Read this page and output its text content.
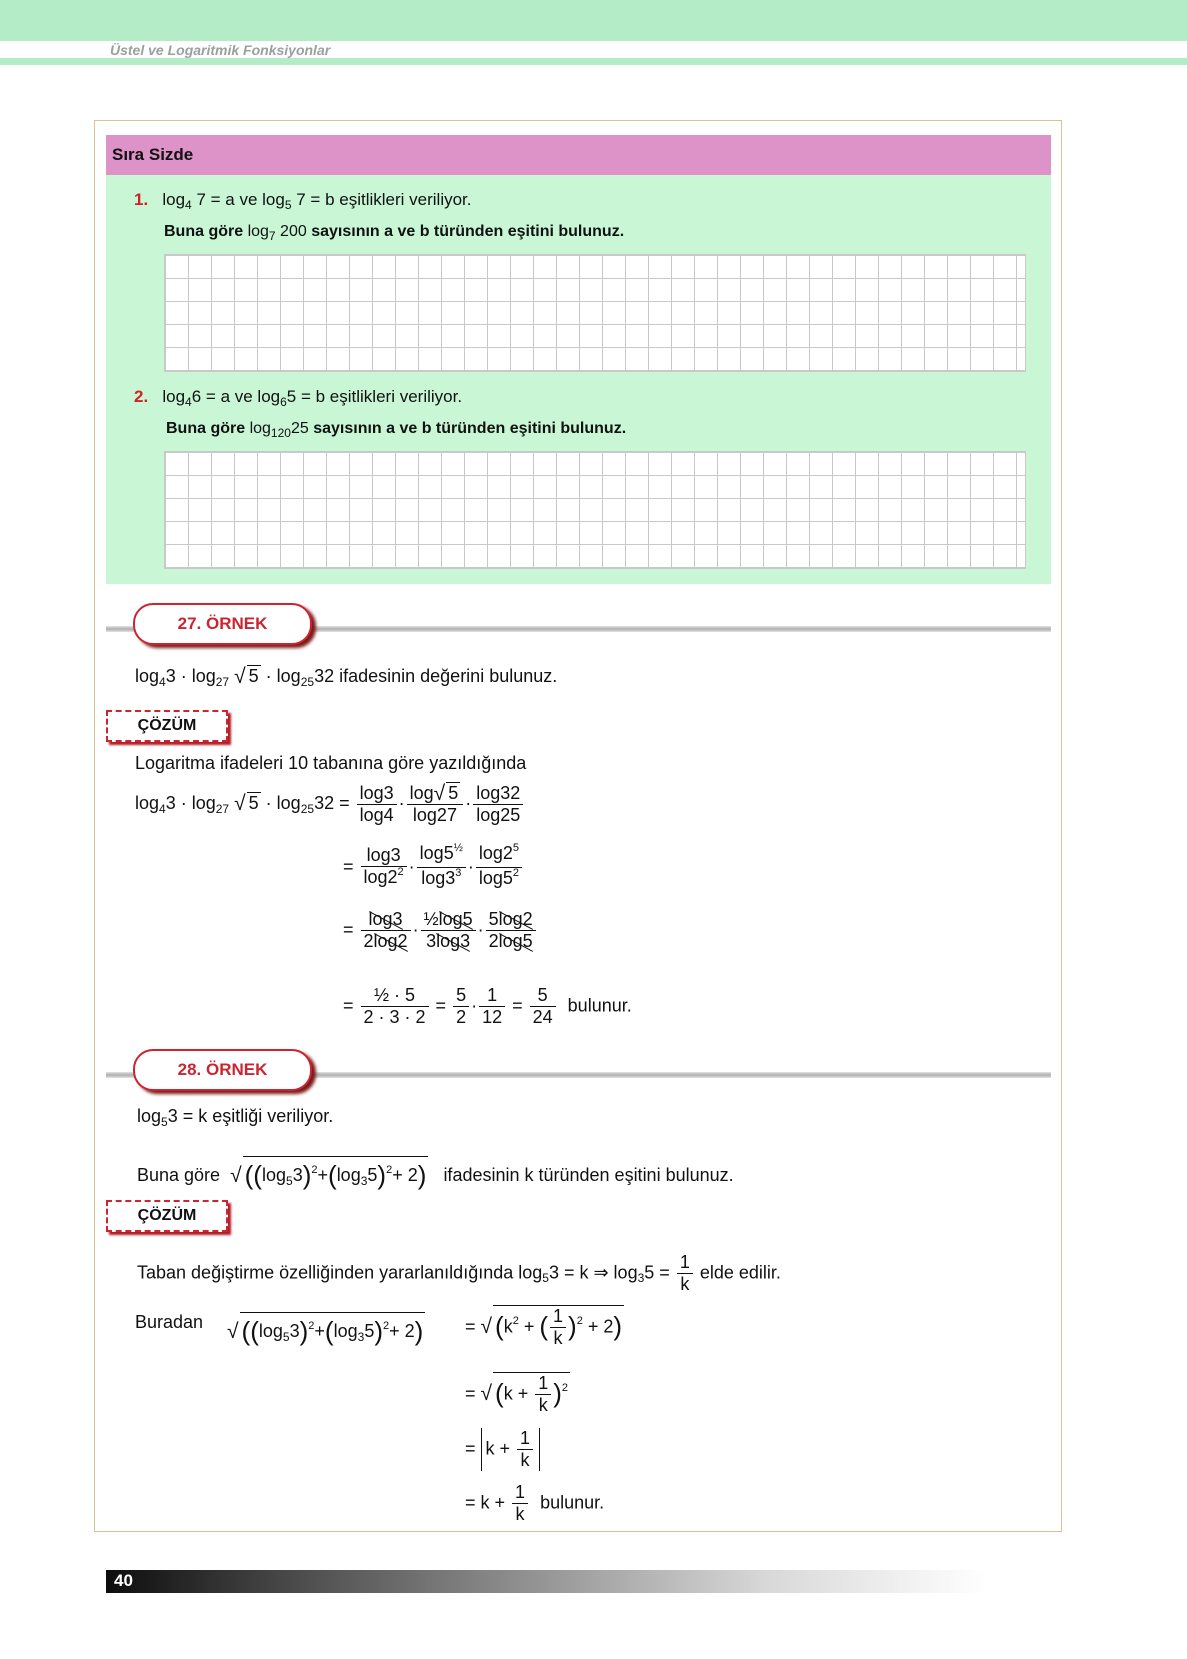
Üstel ve Logaritmik Fonksiyonlar
Sıra Sizde
1. $\log_4 7 = a$ ve $\log_5 7 = b$ eşitlikleri veriliyor.
Buna göre $\log_7 200$ sayısının a ve b türünden eşitini bulunuz.
2. $\log_46 = a$ ve $\log_65 = b$ eşitlikleri veriliyor.
Buna göre $\log_{120}25$ sayısının a ve b türünden eşitini bulunuz.
27. ÖRNEK
$\log_43 \cdot \log_{27}$ √ $5 \cdot \log_{25}32$ ifadesinin değerini bulunuz.
ÇÖZÜM
Logaritma ifadeleri 10 tabanına göre yazıldığında
$\log_43 \cdot \log_{27}$ √ $5 \cdot \log_{25}32 = \frac{\log 3}{\log 4} \cdot \frac{\log√ 5}{\log 27} \cdot \frac{\log 32}{\log 25}$
= $\frac{\log 3}{\log 2^2} \cdot \frac{\log 5^{\frac{1}{2}}}{\log 3^3} \cdot \frac{\log 2^5}{\log 5^2}$
= $\frac{\log 3}{2\log 2} \cdot \frac{\text{½log5}}{3\log 3} \cdot \frac{5\log 2}{2\log 5}$
= $\frac{\text{½ · 5}}{2 \cdot 3 \cdot 2} = \frac{5}{2} \cdot \frac{1}{12} = \frac{5}{24}$ bulunur.
28. ÖRNEK
$\log_53 = k$ eşitliği veriliyor.
Buna göre √ $((\log_53)^2+(\log_35)^2+ 2)$ ifadesinin k türünden eşitini bulunuz.
ÇÖZÜM
Taban değiştirme özelliğinden yararlanıldığında $\log_53 = k$ ⇒ $\log_35 = \frac{1}{k}$ elde edilir.
Buradan √ $((\log_53)^2+(\log_35)^2+ 2)$ = √ ($k^2$ + ( $\frac{1}{k} )^2 + 2$)
= √ $(k + \frac{1}{k} )^2$
= $k + \frac{1}{k}$
= $k + \frac{1}{k}$ bulunur.
40
